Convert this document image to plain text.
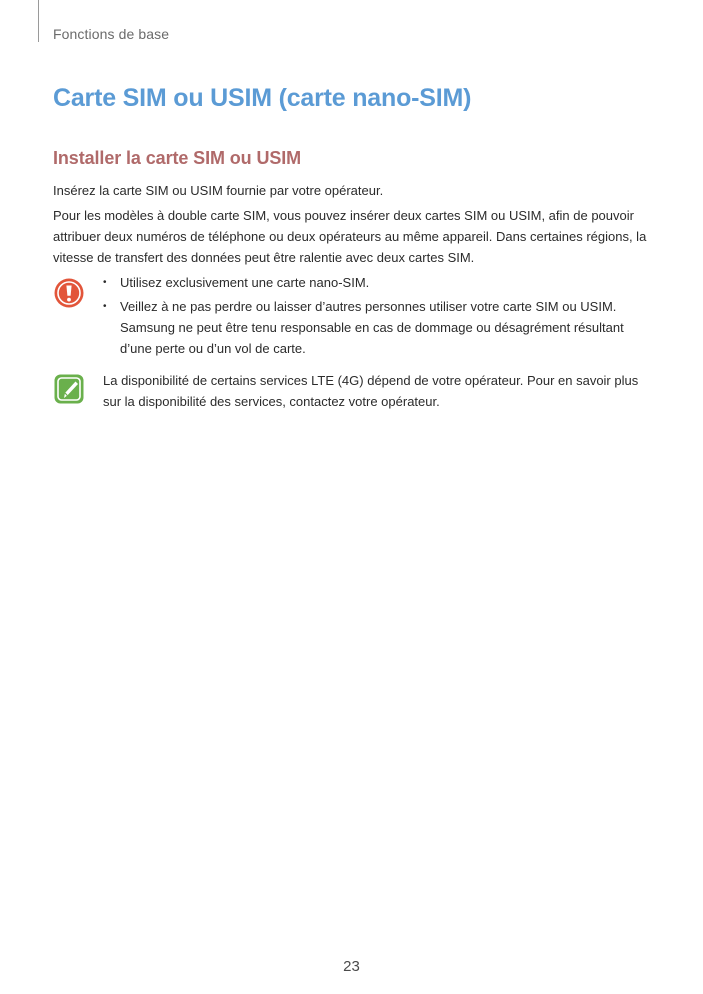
Fonctions de base
Carte SIM ou USIM (carte nano-SIM)
Installer la carte SIM ou USIM

Insérez la carte SIM ou USIM fournie par votre opérateur.

Pour les modèles à double carte SIM, vous pouvez insérer deux cartes SIM ou USIM, afin de pouvoir attribuer deux numéros de téléphone ou deux opérateurs au même appareil. Dans certaines régions, la vitesse de transfert des données peut être ralentie avec deux cartes SIM.

• Utilisez exclusivement une carte nano-SIM.
• Veillez à ne pas perdre ou laisser d’autres personnes utiliser votre carte SIM ou USIM. Samsung ne peut être tenu responsable en cas de dommage ou désagrément résultant d’une perte ou d’un vol de carte.

La disponibilité de certains services LTE (4G) dépend de votre opérateur. Pour en savoir plus sur la disponibilité des services, contactez votre opérateur.

23
